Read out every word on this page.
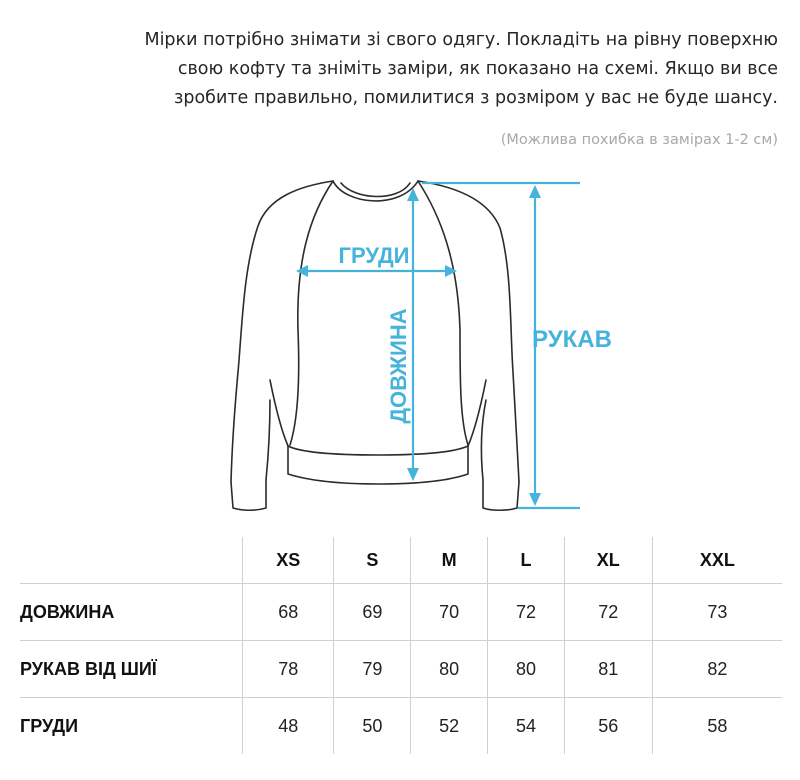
Мірки потрібно знімати зі свого одягу. Покладіть на рівну поверхню
свою кофту та зніміть заміри, як показано на схемі. Якщо ви все
зробите правильно, помилитися з розміром у вас не буде шансу.
(Можлива похибка в замірах 1-2 см)
ГРУДИ
ДОВЖИНА	РУКАВ
	XS	S	M	L	XL	XXL
ДОВЖИНА	68	69	70	72	72	73
РУКАВ ВІД ШИЇ	78	79	80	80	81	82
ГРУДИ	48	50	52	54	56	58
